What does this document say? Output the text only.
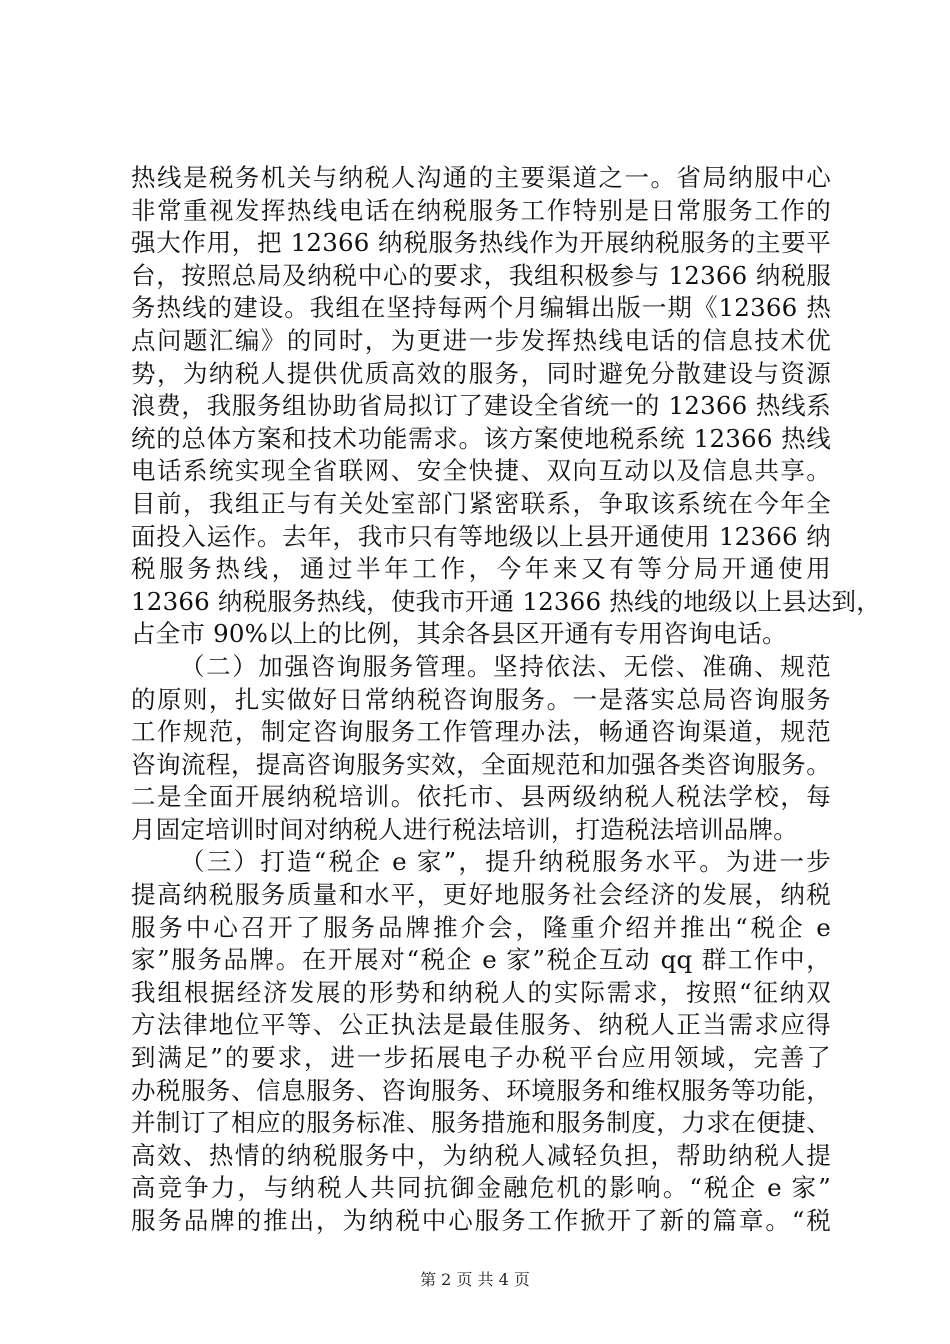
热线是税务机关与纳税人沟通的主要渠道之一。省局纳服中心
非常重视发挥热线电话在纳税服务工作特别是日常服务工作的
强大作用，把 12366 纳税服务热线作为开展纳税服务的主要平
台，按照总局及纳税中心的要求，我组积极参与 12366 纳税服
务热线的建设。我组在坚持每两个月编辑出版一期《12366 热
点问题汇编》的同时，为更进一步发挥热线电话的信息技术优
势，为纳税人提供优质高效的服务，同时避免分散建设与资源
浪费，我服务组协助省局拟订了建设全省统一的 12366 热线系
统的总体方案和技术功能需求。该方案使地税系统 12366 热线
电话系统实现全省联网、安全快捷、双向互动以及信息共享。
目前，我组正与有关处室部门紧密联系，争取该系统在今年全
面投入运作。去年，我市只有等地级以上县开通使用 12366 纳
税服务热线，通过半年工作，今年来又有等分局开通使用
12366 纳税服务热线，使我市开通 12366 热线的地级以上县达到，
占全市 90%以上的比例，其余各县区开通有专用咨询电话。
（二）加强咨询服务管理。坚持依法、无偿、准确、规范
的原则，扎实做好日常纳税咨询服务。一是落实总局咨询服务
工作规范，制定咨询服务工作管理办法，畅通咨询渠道，规范
咨询流程，提高咨询服务实效，全面规范和加强各类咨询服务。
二是全面开展纳税培训。依托市、县两级纳税人税法学校，每
月固定培训时间对纳税人进行税法培训，打造税法培训品牌。
（三）打造“税企 e 家”，提升纳税服务水平。为进一步
提高纳税服务质量和水平，更好地服务社会经济的发展，纳税
服务中心召开了服务品牌推介会，隆重介绍并推出“税企 e
家”服务品牌。在开展对“税企 e 家”税企互动 qq 群工作中，
我组根据经济发展的形势和纳税人的实际需求，按照“征纳双
方法律地位平等、公正执法是最佳服务、纳税人正当需求应得
到满足”的要求，进一步拓展电子办税平台应用领域，完善了
办税服务、信息服务、咨询服务、环境服务和维权服务等功能，
并制订了相应的服务标准、服务措施和服务制度，力求在便捷、
高效、热情的纳税服务中，为纳税人减轻负担，帮助纳税人提
高竞争力，与纳税人共同抗御金融危机的影响。“税企 e 家”
服务品牌的推出，为纳税中心服务工作掀开了新的篇章。“税
第 2 页 共 4 页
